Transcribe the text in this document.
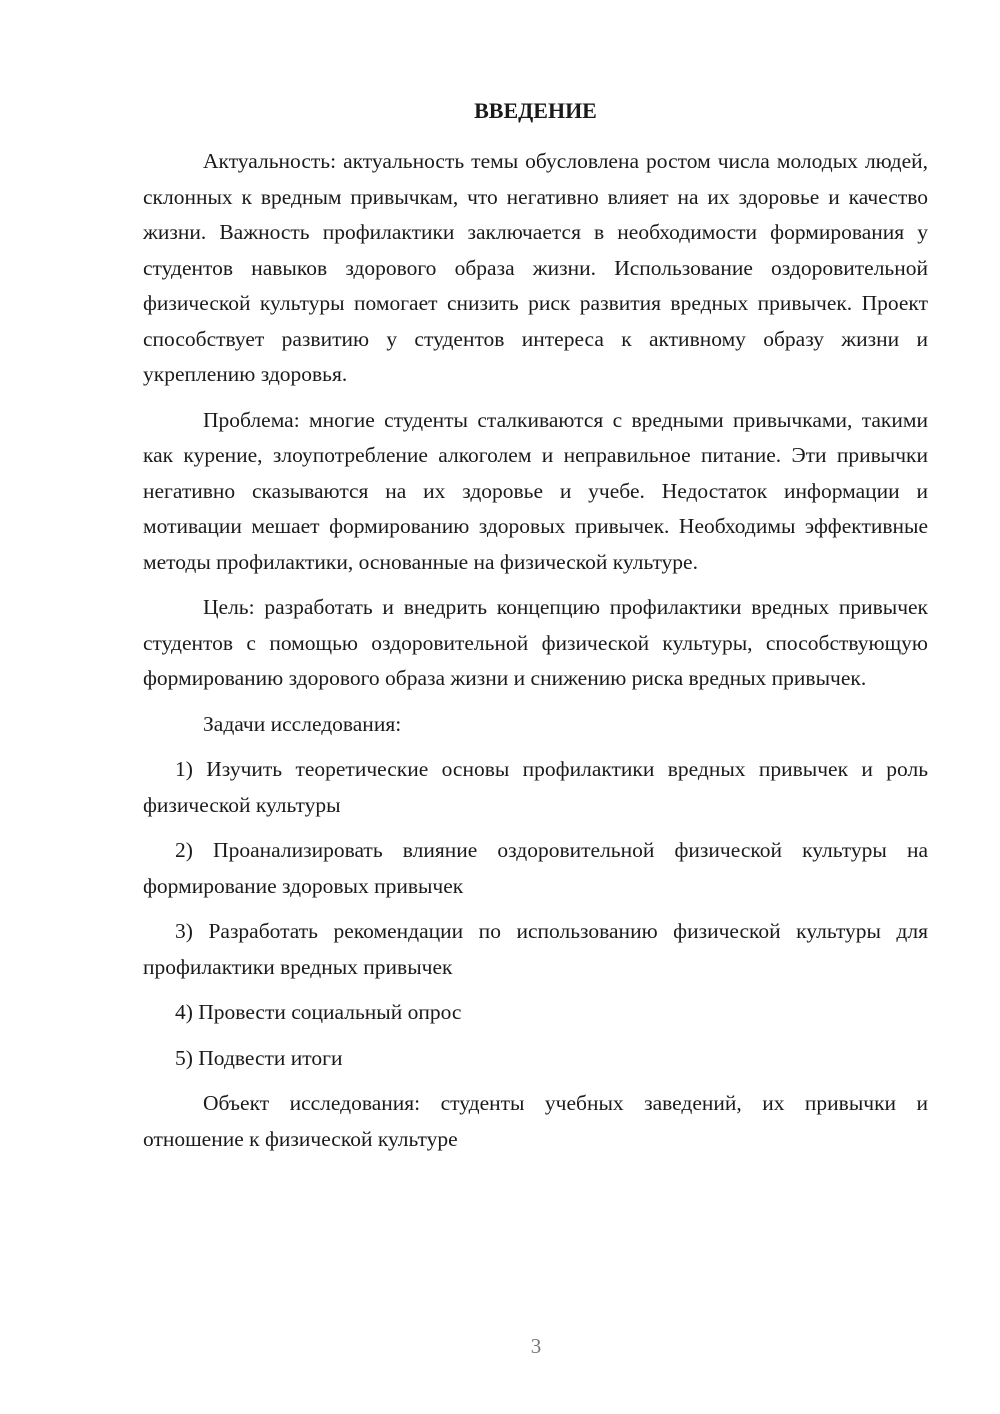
ВВЕДЕНИЕ

Актуальность: актуальность темы обусловлена ростом числа молодых людей, склонных к вредным привычкам, что негативно влияет на их здоровье и качество жизни. Важность профилактики заключается в необходимости формирования у студентов навыков здорового образа жизни. Использование оздоровительной физической культуры помогает снизить риск развития вредных привычек. Проект способствует развитию у студентов интереса к активному образу жизни и укреплению здоровья.

Проблема: многие студенты сталкиваются с вредными привычками, такими как курение, злоупотребление алкоголем и неправильное питание. Эти привычки негативно сказываются на их здоровье и учебе. Недостаток информации и мотивации мешает формированию здоровых привычек. Необходимы эффективные методы профилактики, основанные на физической культуре.

Цель: разработать и внедрить концепцию профилактики вредных привычек студентов с помощью оздоровительной физической культуры, способствующую формированию здорового образа жизни и снижению риска вредных привычек.

Задачи исследования:

1) Изучить теоретические основы профилактики вредных привычек и роль физической культуры

2) Проанализировать влияние оздоровительной физической культуры на формирование здоровых привычек

3) Разработать рекомендации по использованию физической культуры для профилактики вредных привычек

4) Провести социальный опрос

5) Подвести итоги

Объект исследования: студенты учебных заведений, их привычки и отношение к физической культуре

3
